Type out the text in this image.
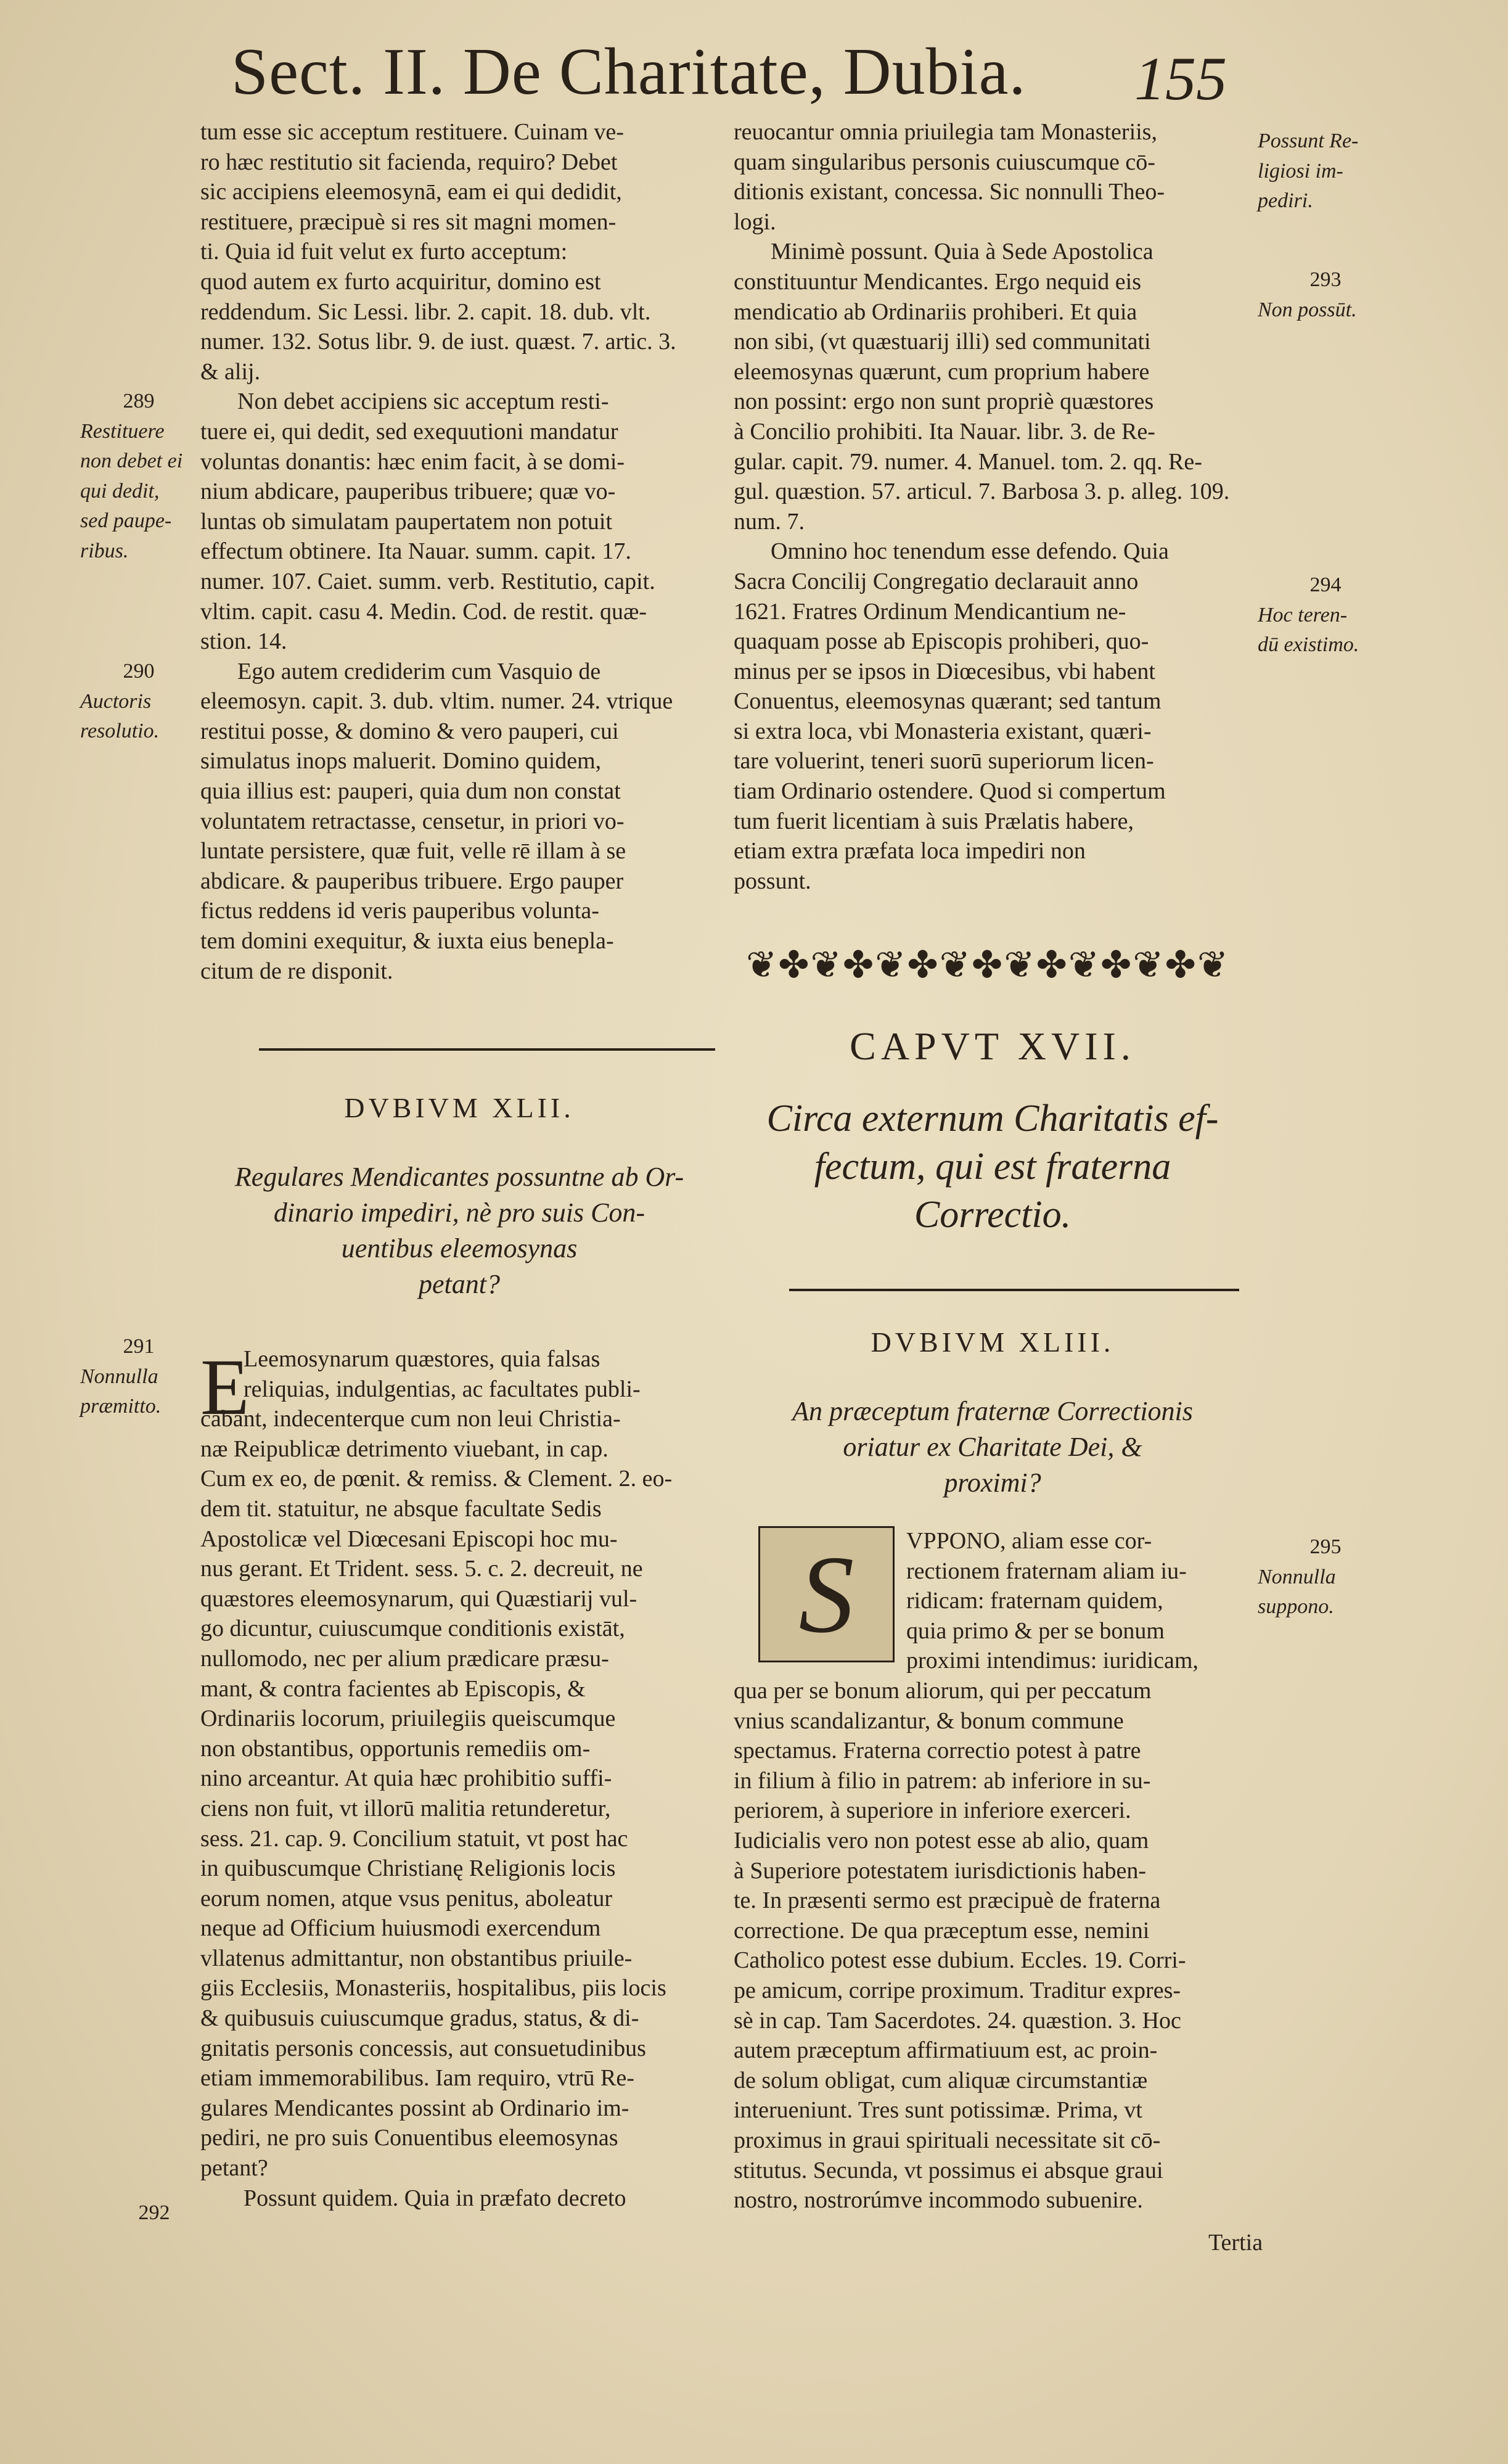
Sect. II. De Charitate, Dubia. 155
tum esse sic acceptum restituere. Cuinam ve-
ro hæc restitutio sit facienda, requiro? Debet
sic accipiens eleemosynā, eam ei qui dedidit,
restituere, præcipuè si res sit magni momen-
ti. Quia id fuit velut ex furto acceptum:
quod autem ex furto acquiritur, domino est
reddendum. Sic Lessi. libr. 2. capit. 18. dub. vlt.
numer. 132. Sotus libr. 9. de iust. quæst. 7. artic. 3.
& alij.
Non debet accipiens sic acceptum resti-
tuere ei, qui dedit, sed exequutioni mandatur
voluntas donantis: hæc enim facit, à se domi-
nium abdicare, pauperibus tribuere; quæ vo-
luntas ob simulatam paupertatem non potuit
effectum obtinere. Ita Nauar. summ. capit. 17.
numer. 107. Caiet. summ. verb. Restitutio, capit.
vltim. capit. casu 4. Medin. Cod. de restit. quæ-
stion. 14.
Ego autem crediderim cum Vasquio de
eleemosyn. capit. 3. dub. vltim. numer. 24. vtrique
restitui posse, & domino & vero pauperi, cui
simulatus inops maluerit. Domino quidem,
quia illius est: pauperi, quia dum non constat
voluntatem retractasse, censetur, in priori vo-
luntate persistere, quæ fuit, velle rē illam à se
abdicare. & pauperibus tribuere. Ergo pauper
fictus reddens id veris pauperibus volunta-
tem domini exequitur, & iuxta eius benepla-
citum de re disponit.
289
Restituere
non debet ei
qui dedit,
sed paupe-
ribus.
290
Auctoris
resolutio.
291
Nonnulla
præmitto.
292
DVBIVM XLII.
Regulares Mendicantes possuntne ab Or-
dinario impediri, nè pro suis Con-
uentibus eleemosynas
petant?
E
Leemosynarum quæstores, quia falsas
reliquias, indulgentias, ac facultates publi-
cabant, indecenterque cum non leui Christia-
næ Reipublicæ detrimento viuebant, in cap.
Cum ex eo, de pœnit. & remiss. & Clement. 2. eo-
dem tit. statuitur, ne absque facultate Sedis
Apostolicæ vel Diœcesani Episcopi hoc mu-
nus gerant. Et Trident. sess. 5. c. 2. decreuit, ne
quæstores eleemosynarum, qui Quæstiarij vul-
go dicuntur, cuiuscumque conditionis existāt,
nullomodo, nec per alium prædicare præsu-
mant, & contra facientes ab Episcopis, &
Ordinariis locorum, priuilegiis queiscumque
non obstantibus, opportunis remediis om-
nino arceantur. At quia hæc prohibitio suffi-
ciens non fuit, vt illorū malitia retunderetur,
sess. 21. cap. 9. Concilium statuit, vt post hac
in quibuscumque Christianę Religionis locis
eorum nomen, atque vsus penitus, aboleatur
neque ad Officium huiusmodi exercendum
vllatenus admittantur, non obstantibus priuile-
giis Ecclesiis, Monasteriis, hospitalibus, piis locis
& quibusuis cuiuscumque gradus, status, & di-
gnitatis personis concessis, aut consuetudinibus
etiam immemorabilibus. Iam requiro, vtrū Re-
gulares Mendicantes possint ab Ordinario im-
pediri, ne pro suis Conuentibus eleemosynas
petant?
Possunt quidem. Quia in præfato decreto
reuocantur omnia priuilegia tam Monasteriis,
quam singularibus personis cuiuscumque cō-
ditionis existant, concessa. Sic nonnulli Theo-
logi.
Minimè possunt. Quia à Sede Apostolica
constituuntur Mendicantes. Ergo nequid eis
mendicatio ab Ordinariis prohiberi. Et quia
non sibi, (vt quæstuarij illi) sed communitati
eleemosynas quærunt, cum proprium habere
non possint: ergo non sunt propriè quæstores
à Concilio prohibiti. Ita Nauar. libr. 3. de Re-
gular. capit. 79. numer. 4. Manuel. tom. 2. qq. Re-
gul. quæstion. 57. articul. 7. Barbosa 3. p. alleg. 109.
num. 7.
Omnino hoc tenendum esse defendo. Quia
Sacra Concilij Congregatio declarauit anno
1621. Fratres Ordinum Mendicantium ne-
quaquam posse ab Episcopis prohiberi, quo-
minus per se ipsos in Diœcesibus, vbi habent
Conuentus, eleemosynas quærant; sed tantum
si extra loca, vbi Monasteria existant, quæri-
tare voluerint, teneri suorū superiorum licen-
tiam Ordinario ostendere. Quod si compertum
tum fuerit licentiam à suis Prælatis habere,
etiam extra præfata loca impediri non
possunt.
Possunt Re-
ligiosi im-
pediri.
293
Non possūt.
294
Hoc teren-
dū existimo.
295
Nonnulla
suppono.
❦✤❦✤❦✤❦✤❦✤❦✤❦✤❦
CAPVT XVII.
Circa externum Charitatis ef-
fectum, qui est fraterna
Correctio.
DVBIVM XLIII.
An præceptum fraternæ Correctionis
oriatur ex Charitate Dei, &
proximi?
S	VPPONO, aliam esse cor-
rectionem fraternam aliam iu-
ridicam: fraternam quidem,
quia primo & per se bonum
proximi intendimus: iuridicam,
qua per se bonum aliorum, qui per peccatum
vnius scandalizantur, & bonum commune
spectamus. Fraterna correctio potest à patre
in filium à filio in patrem: ab inferiore in su-
periorem, à superiore in inferiore exerceri.
Iudicialis vero non potest esse ab alio, quam
à Superiore potestatem iurisdictionis haben-
te. In præsenti sermo est præcipuè de fraterna
correctione. De qua præceptum esse, nemini
Catholico potest esse dubium. Eccles. 19. Corri-
pe amicum, corripe proximum. Traditur expres-
sè in cap. Tam Sacerdotes. 24. quæstion. 3. Hoc
autem præceptum affirmatiuum est, ac proin-
de solum obligat, cum aliquæ circumstantiæ
interueniunt. Tres sunt potissimæ. Prima, vt
proximus in graui spirituali necessitate sit cō-
stitutus. Secunda, vt possimus ei absque graui
nostro, nostrorúmve incommodo subuenire.
Tertia
